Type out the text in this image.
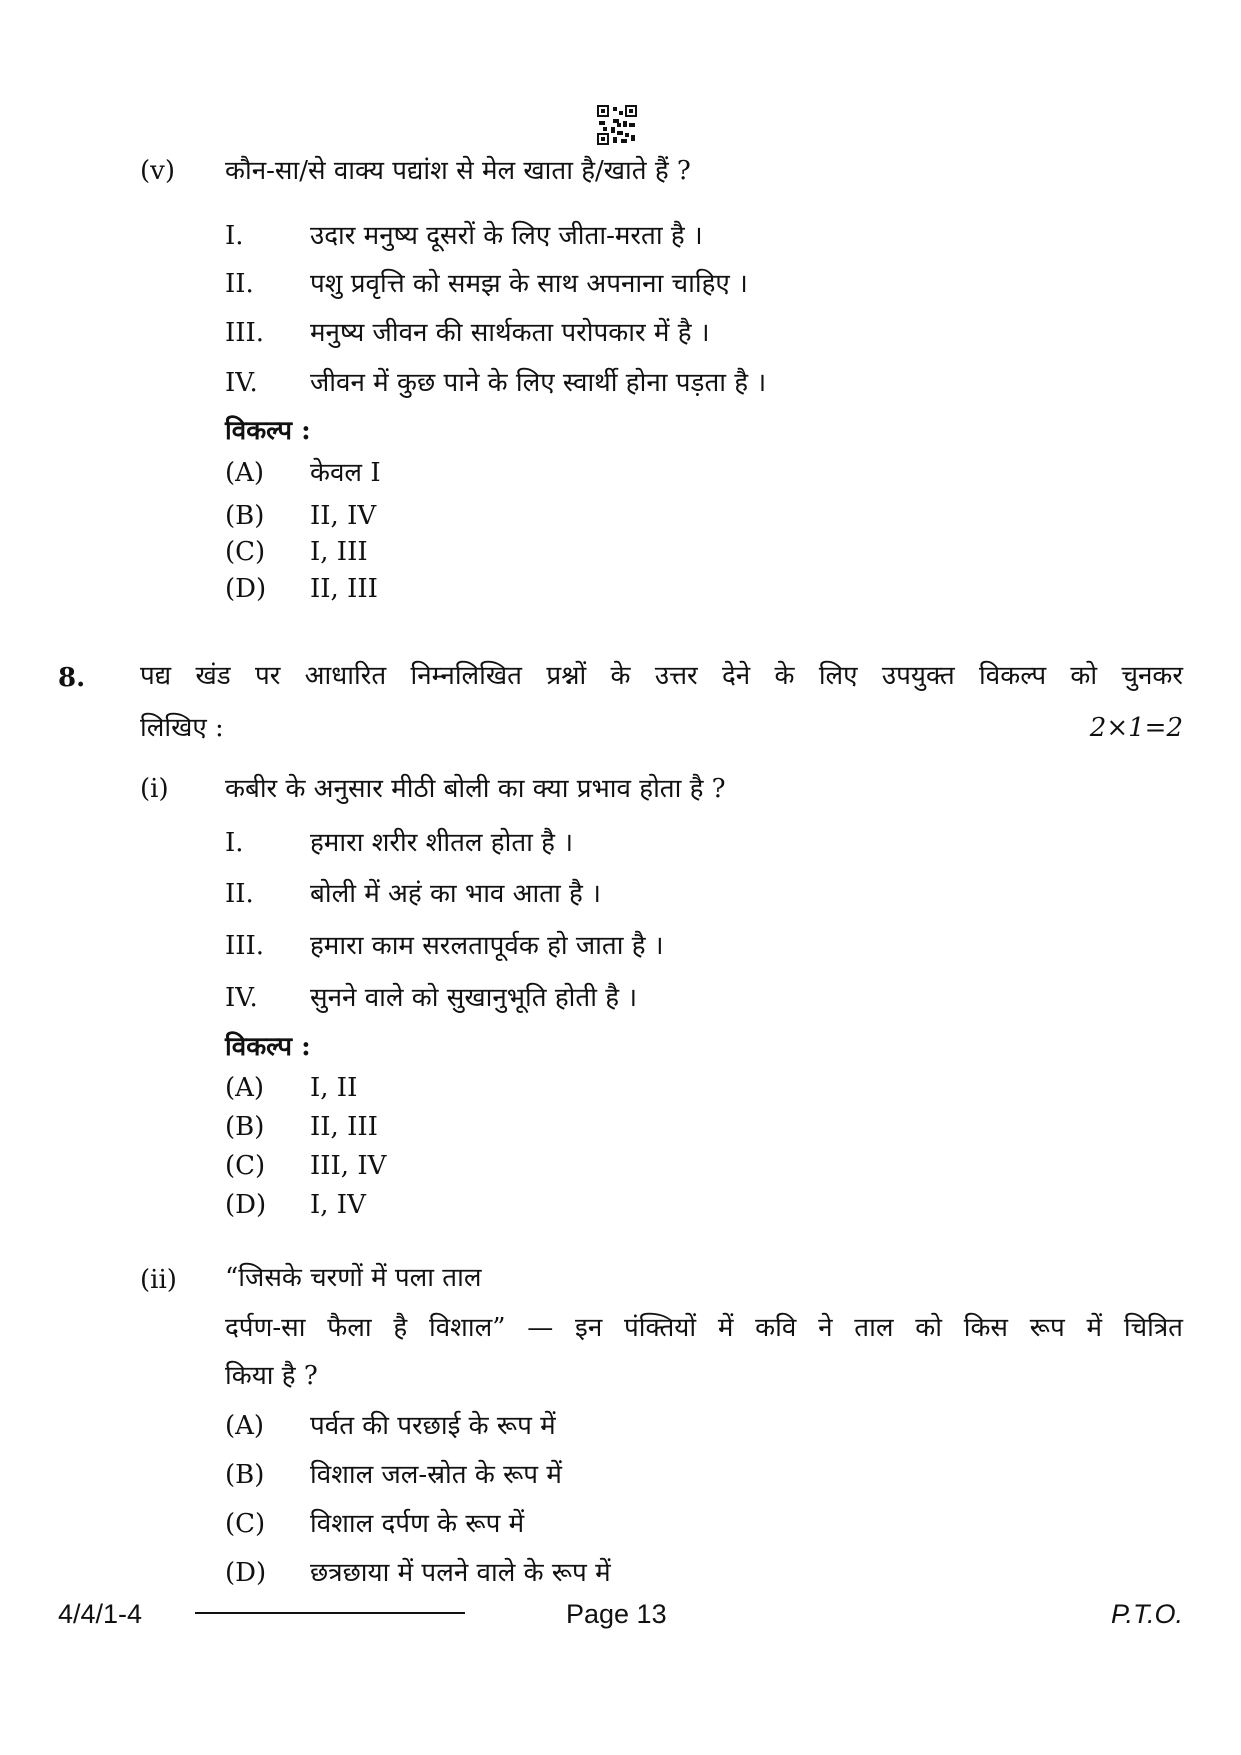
(v) कौन-सा/से वाक्य पद्यांश से मेल खाता है/खाते हैं ?
I.	उदार मनुष्य दूसरों के लिए जीता-मरता है ।
II. पशु प्रवृत्ति को समझ के साथ अपनाना चाहिए ।
III. मनुष्य जीवन की सार्थकता परोपकार में है ।
IV. जीवन में कुछ पाने के लिए स्वार्थी होना पड़ता है ।
विकल्प :
(A) केवल I
(B) II, IV
(C) I, III
(D) II, III
8. पद्य खंड पर आधारित निम्नलिखित प्रश्नों के उत्तर देने के लिए उपयुक्त विकल्प को चुनकर
लिखिए :	2×1=2
(i) कबीर के अनुसार मीठी बोली का क्या प्रभाव होता है ?
I.	हमारा शरीर शीतल होता है ।
II. बोली में अहं का भाव आता है ।
III. हमारा काम सरलतापूर्वक हो जाता है ।
IV. सुनने वाले को सुखानुभूति होती है ।
विकल्प :
(A) I, II
(B) II, III
(C) III, IV
(D) I, IV
(ii) “जिसके चरणों में पला ताल
दर्पण-सा फैला है विशाल” — इन पंक्तियों में कवि ने ताल को किस रूप में चित्रित
किया है ?
(A) पर्वत की परछाई के रूप में
(B) विशाल जल-स्रोत के रूप में
(C) विशाल दर्पण के रूप में
(D) छत्रछाया में पलने वाले के रूप में
4/4/1-4	Page 13	P.T.O.
